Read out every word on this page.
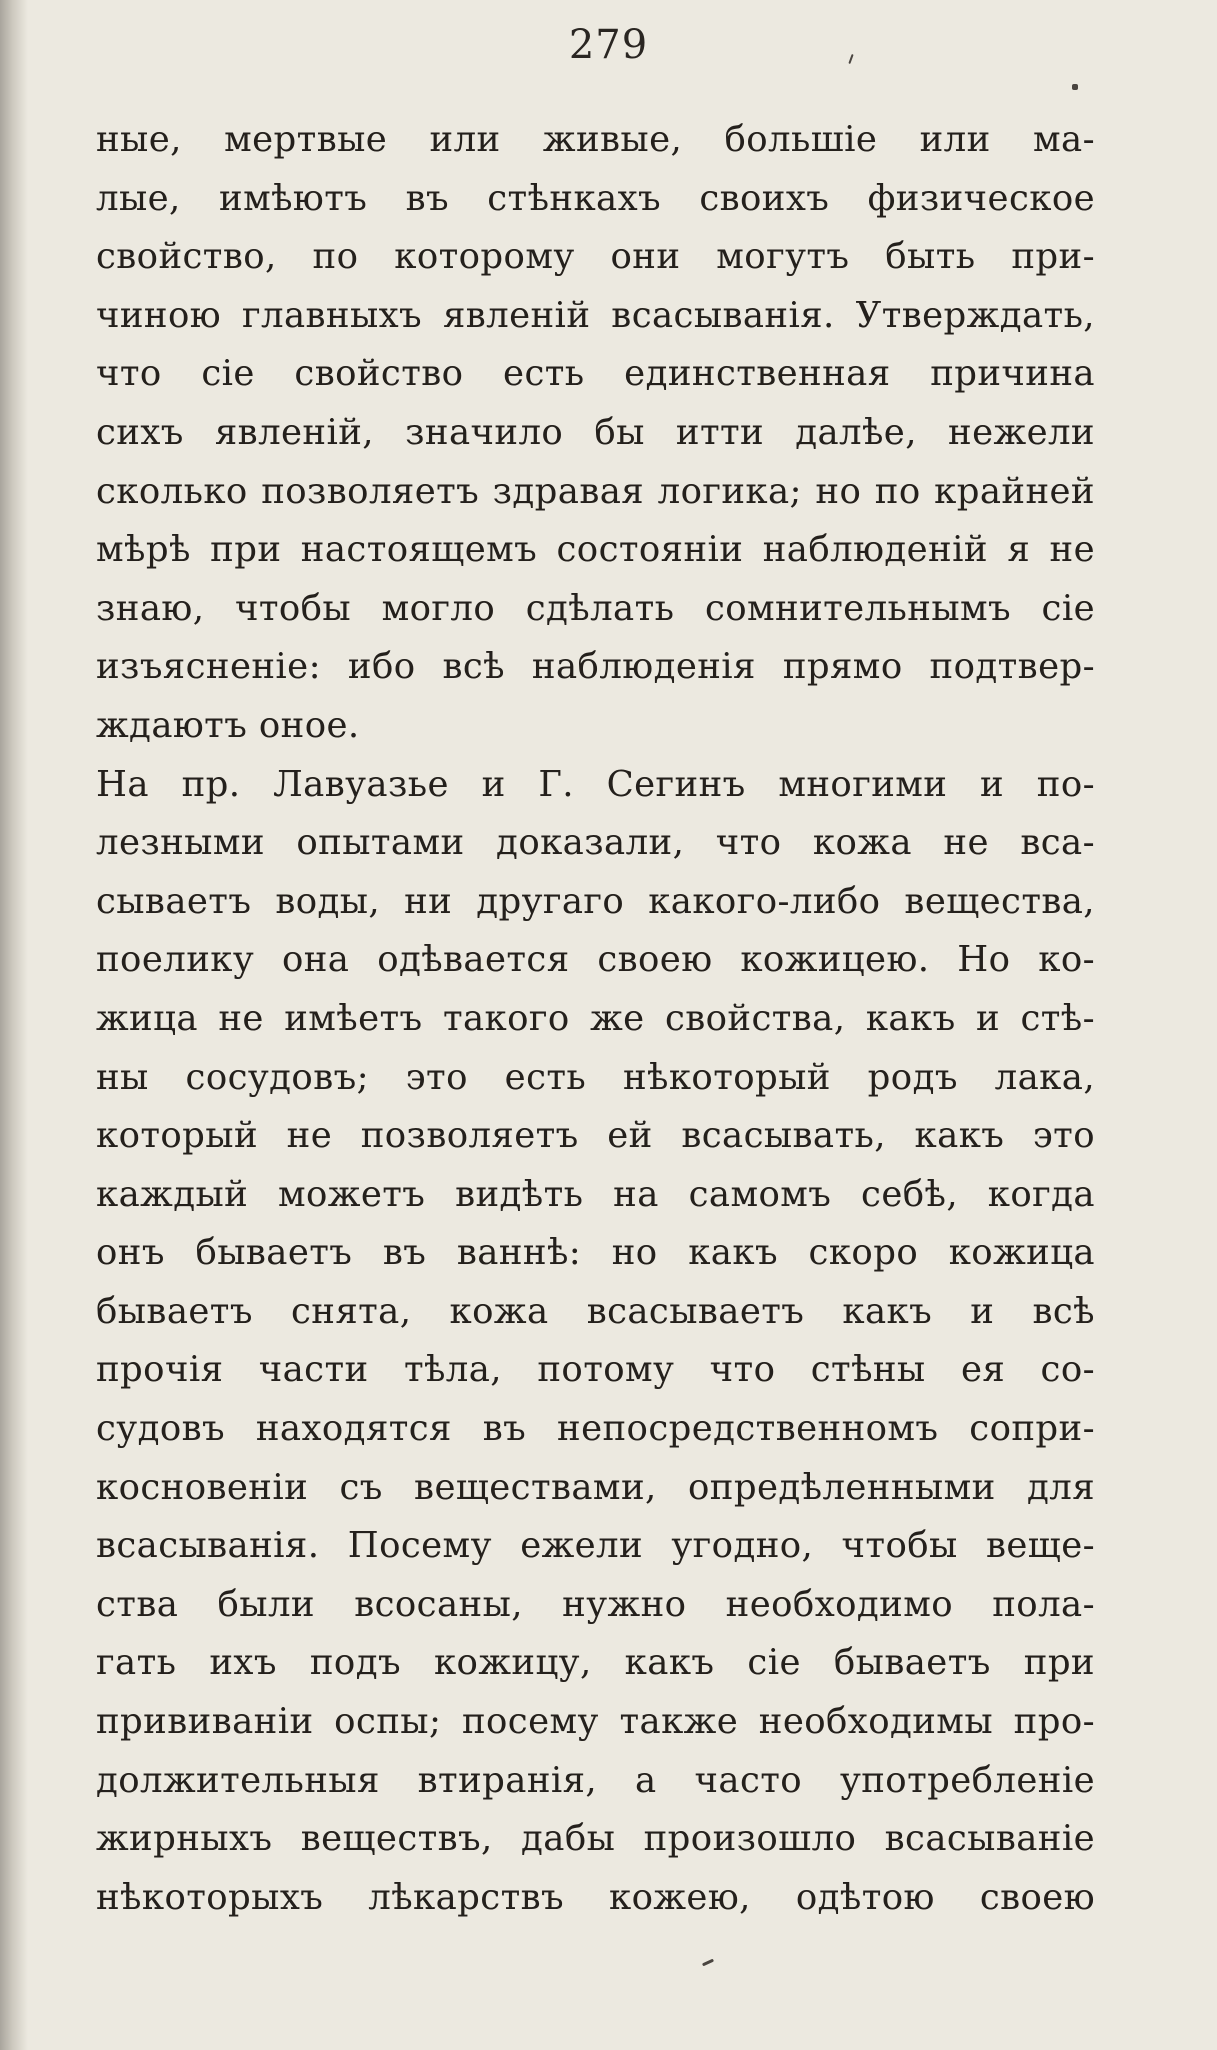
279
ные, мертвые или живые, большіе или ма-
лые, имѣютъ въ стѣнкахъ своихъ физическое
свойство, по которому они могутъ быть при-
чиною главныхъ явленій всасыванія. Утверждать,
что сіе свойство есть единственная причина
сихъ явленій, значило бы итти далѣе, нежели
сколько позволяетъ здравая логика; но по крайней
мѣрѣ при настоящемъ состояніи наблюденій я не
знаю, чтобы могло сдѣлать сомнительнымъ сіе
изъясненіе: ибо всѣ наблюденія прямо подтвер-
ждаютъ оное.
На пр. Лавуазье и Г. Сегинъ многими и по-
лезными опытами доказали, что кожа не вса-
сываетъ воды, ни другаго какого-либо вещества,
поелику она одѣвается своею кожицею. Но ко-
жица не имѣетъ такого же свойства, какъ и стѣ-
ны сосудовъ; это есть нѣкоторый родъ лака,
который не позволяетъ ей всасывать, какъ это
каждый можетъ видѣть на самомъ себѣ, когда
онъ бываетъ въ ваннѣ: но какъ скоро кожица
бываетъ снята, кожа всасываетъ какъ и всѣ
прочія части тѣла, потому что стѣны ея со-
судовъ находятся въ непосредственномъ сопри-
косновеніи съ веществами, опредѣленными для
всасыванія. Посему ежели угодно, чтобы веще-
ства были всосаны, нужно необходимо пола-
гать ихъ подъ кожицу, какъ сіе бываетъ при
прививаніи оспы; посему также необходимы про-
должительныя втиранія, а часто употребленіе
жирныхъ веществъ, дабы произошло всасываніе
нѣкоторыхъ лѣкарствъ кожею, одѣтою своею
